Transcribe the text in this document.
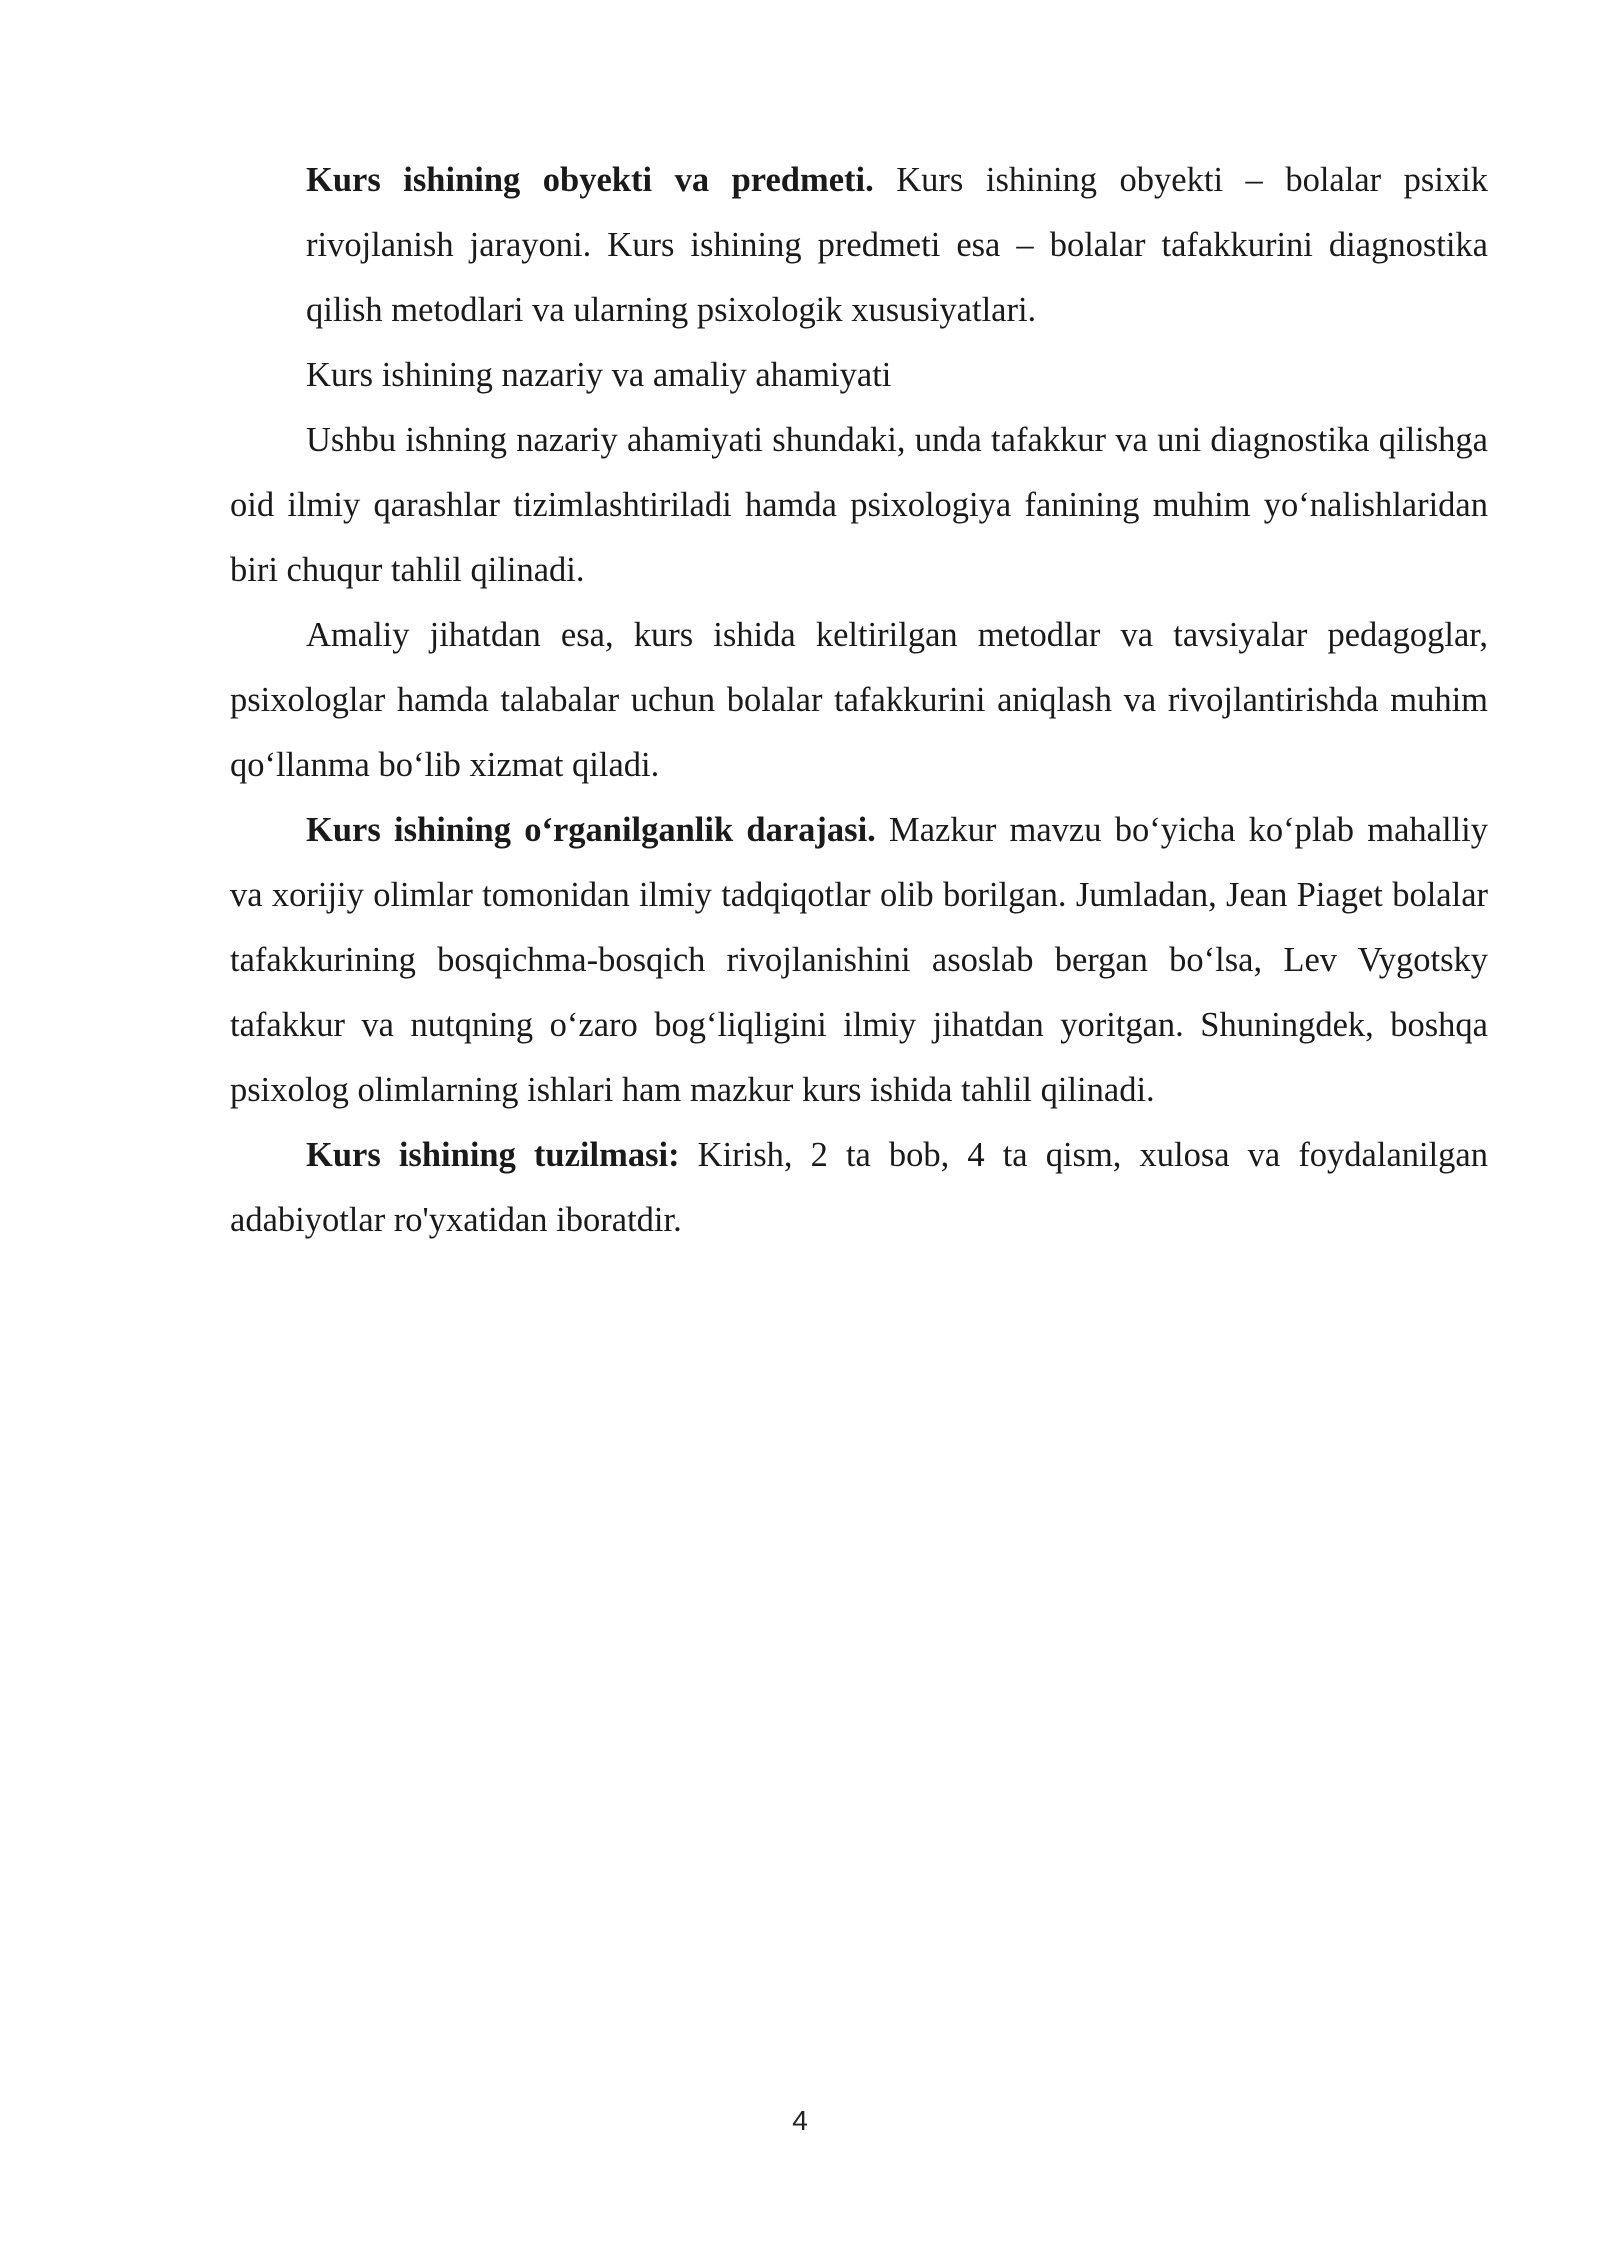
Kurs ishining obyekti va predmeti. Kurs ishining obyekti – bolalar psixik rivojlanish jarayoni. Kurs ishining predmeti esa – bolalar tafakkurini diagnostika qilish metodlari va ularning psixologik xususiyatlari.

Kurs ishining nazariy va amaliy ahamiyati

Ushbu ishning nazariy ahamiyati shundaki, unda tafakkur va uni diagnostika qilishga oid ilmiy qarashlar tizimlashtiriladi hamda psixologiya fanining muhim yo‘nalishlaridan biri chuqur tahlil qilinadi.

Amaliy jihatdan esa, kurs ishida keltirilgan metodlar va tavsiyalar pedagoglar, psixologlar hamda talabalar uchun bolalar tafakkurini aniqlash va rivojlantirishda muhim qo‘llanma bo‘lib xizmat qiladi.

Kurs ishining o‘rganilganlik darajasi. Mazkur mavzu bo‘yicha ko‘plab mahalliy va xorijiy olimlar tomonidan ilmiy tadqiqotlar olib borilgan. Jumladan, Jean Piaget bolalar tafakkurining bosqichma-bosqich rivojlanishini asoslab bergan bo‘lsa, Lev Vygotsky tafakkur va nutqning o‘zaro bog‘liqligini ilmiy jihatdan yoritgan. Shuningdek, boshqa psixolog olimlarning ishlari ham mazkur kurs ishida tahlil qilinadi.

Kurs ishining tuzilmasi: Kirish, 2 ta bob, 4 ta qism, xulosa va foydalanilgan adabiyotlar ro'yxatidan iboratdir.

4
